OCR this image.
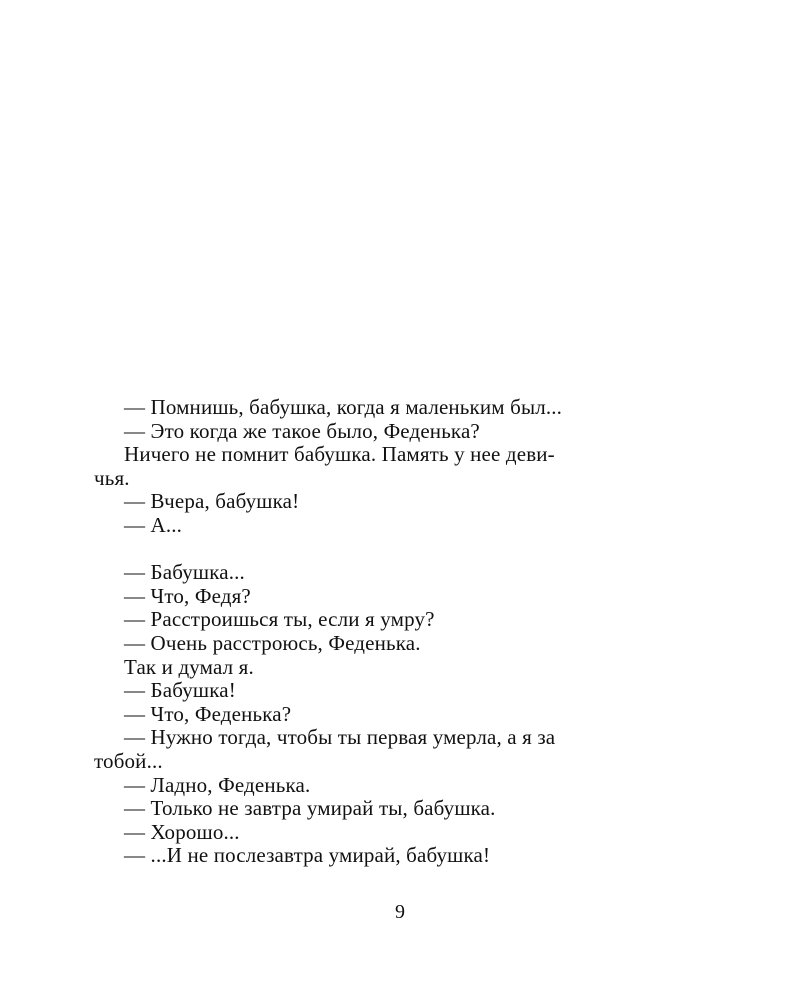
— Помнишь, бабушка, когда я маленьким был...
— Это когда же такое было, Феденька?
Ничего не помнит бабушка. Память у нее деви-
чья.
— Вчера, бабушка!
— А...
— Бабушка...
— Что, Федя?
— Расстроишься ты, если я умру?
— Очень расстроюсь, Феденька.
Так и думал я.
— Бабушка!
— Что, Феденька?
— Нужно тогда, чтобы ты первая умерла, а я за
тобой...
— Ладно, Феденька.
— Только не завтра умирай ты, бабушка.
— Хорошо...
— ...И не послезавтра умирай, бабушка!
9
